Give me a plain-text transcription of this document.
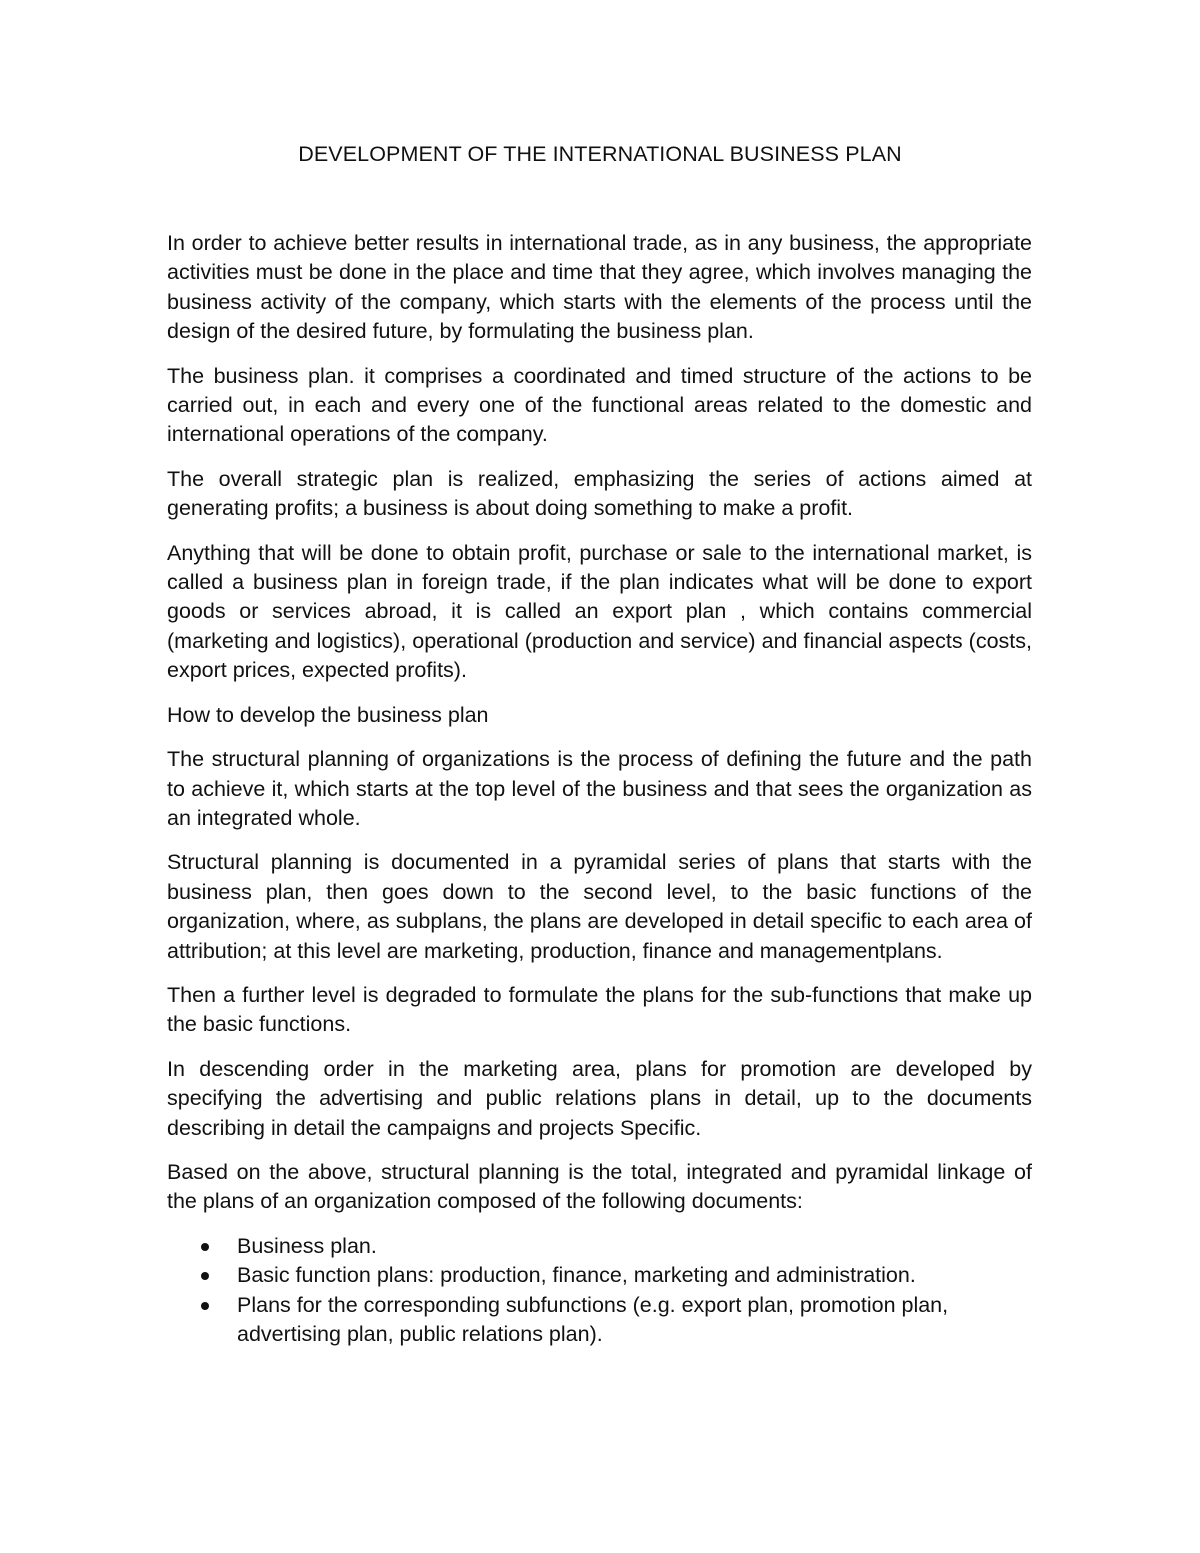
DEVELOPMENT OF THE INTERNATIONAL BUSINESS PLAN

In order to achieve better results in international trade, as in any business, the appropriate activities must be done in the place and time that they agree, which involves managing the business activity of the company, which starts with the elements of the process until the design of the desired future, by formulating the business plan.

The business plan. it comprises a coordinated and timed structure of the actions to be carried out, in each and every one of the functional areas related to the domestic and international operations of the company.

The overall strategic plan is realized, emphasizing the series of actions aimed at generating profits; a business is about doing something to make a profit.

Anything that will be done to obtain profit, purchase or sale to the international market, is called a business plan in foreign trade, if the plan indicates what will be done to export goods or services abroad, it is called an export plan , which contains commercial (marketing and logistics), operational (production and service) and financial aspects (costs, export prices, expected profits).

How to develop the business plan

The structural planning of organizations is the process of defining the future and the path to achieve it, which starts at the top level of the business and that sees the organization as an integrated whole.

Structural planning is documented in a pyramidal series of plans that starts with the business plan, then goes down to the second level, to the basic functions of the organization, where, as subplans, the plans are developed in detail specific to each area of attribution; at this level are marketing, production, finance and managementplans.

Then a further level is degraded to formulate the plans for the sub-functions that make up the basic functions.

In descending order in the marketing area, plans for promotion are developed by specifying the advertising and public relations plans in detail, up to the documents describing in detail the campaigns and projects Specific.

Based on the above, structural planning is the total, integrated and pyramidal linkage of the plans of an organization composed of the following documents:

Business plan.
Basic function plans: production, finance, marketing and administration.
Plans for the corresponding subfunctions (e.g. export plan, promotion plan, advertising plan, public relations plan).
